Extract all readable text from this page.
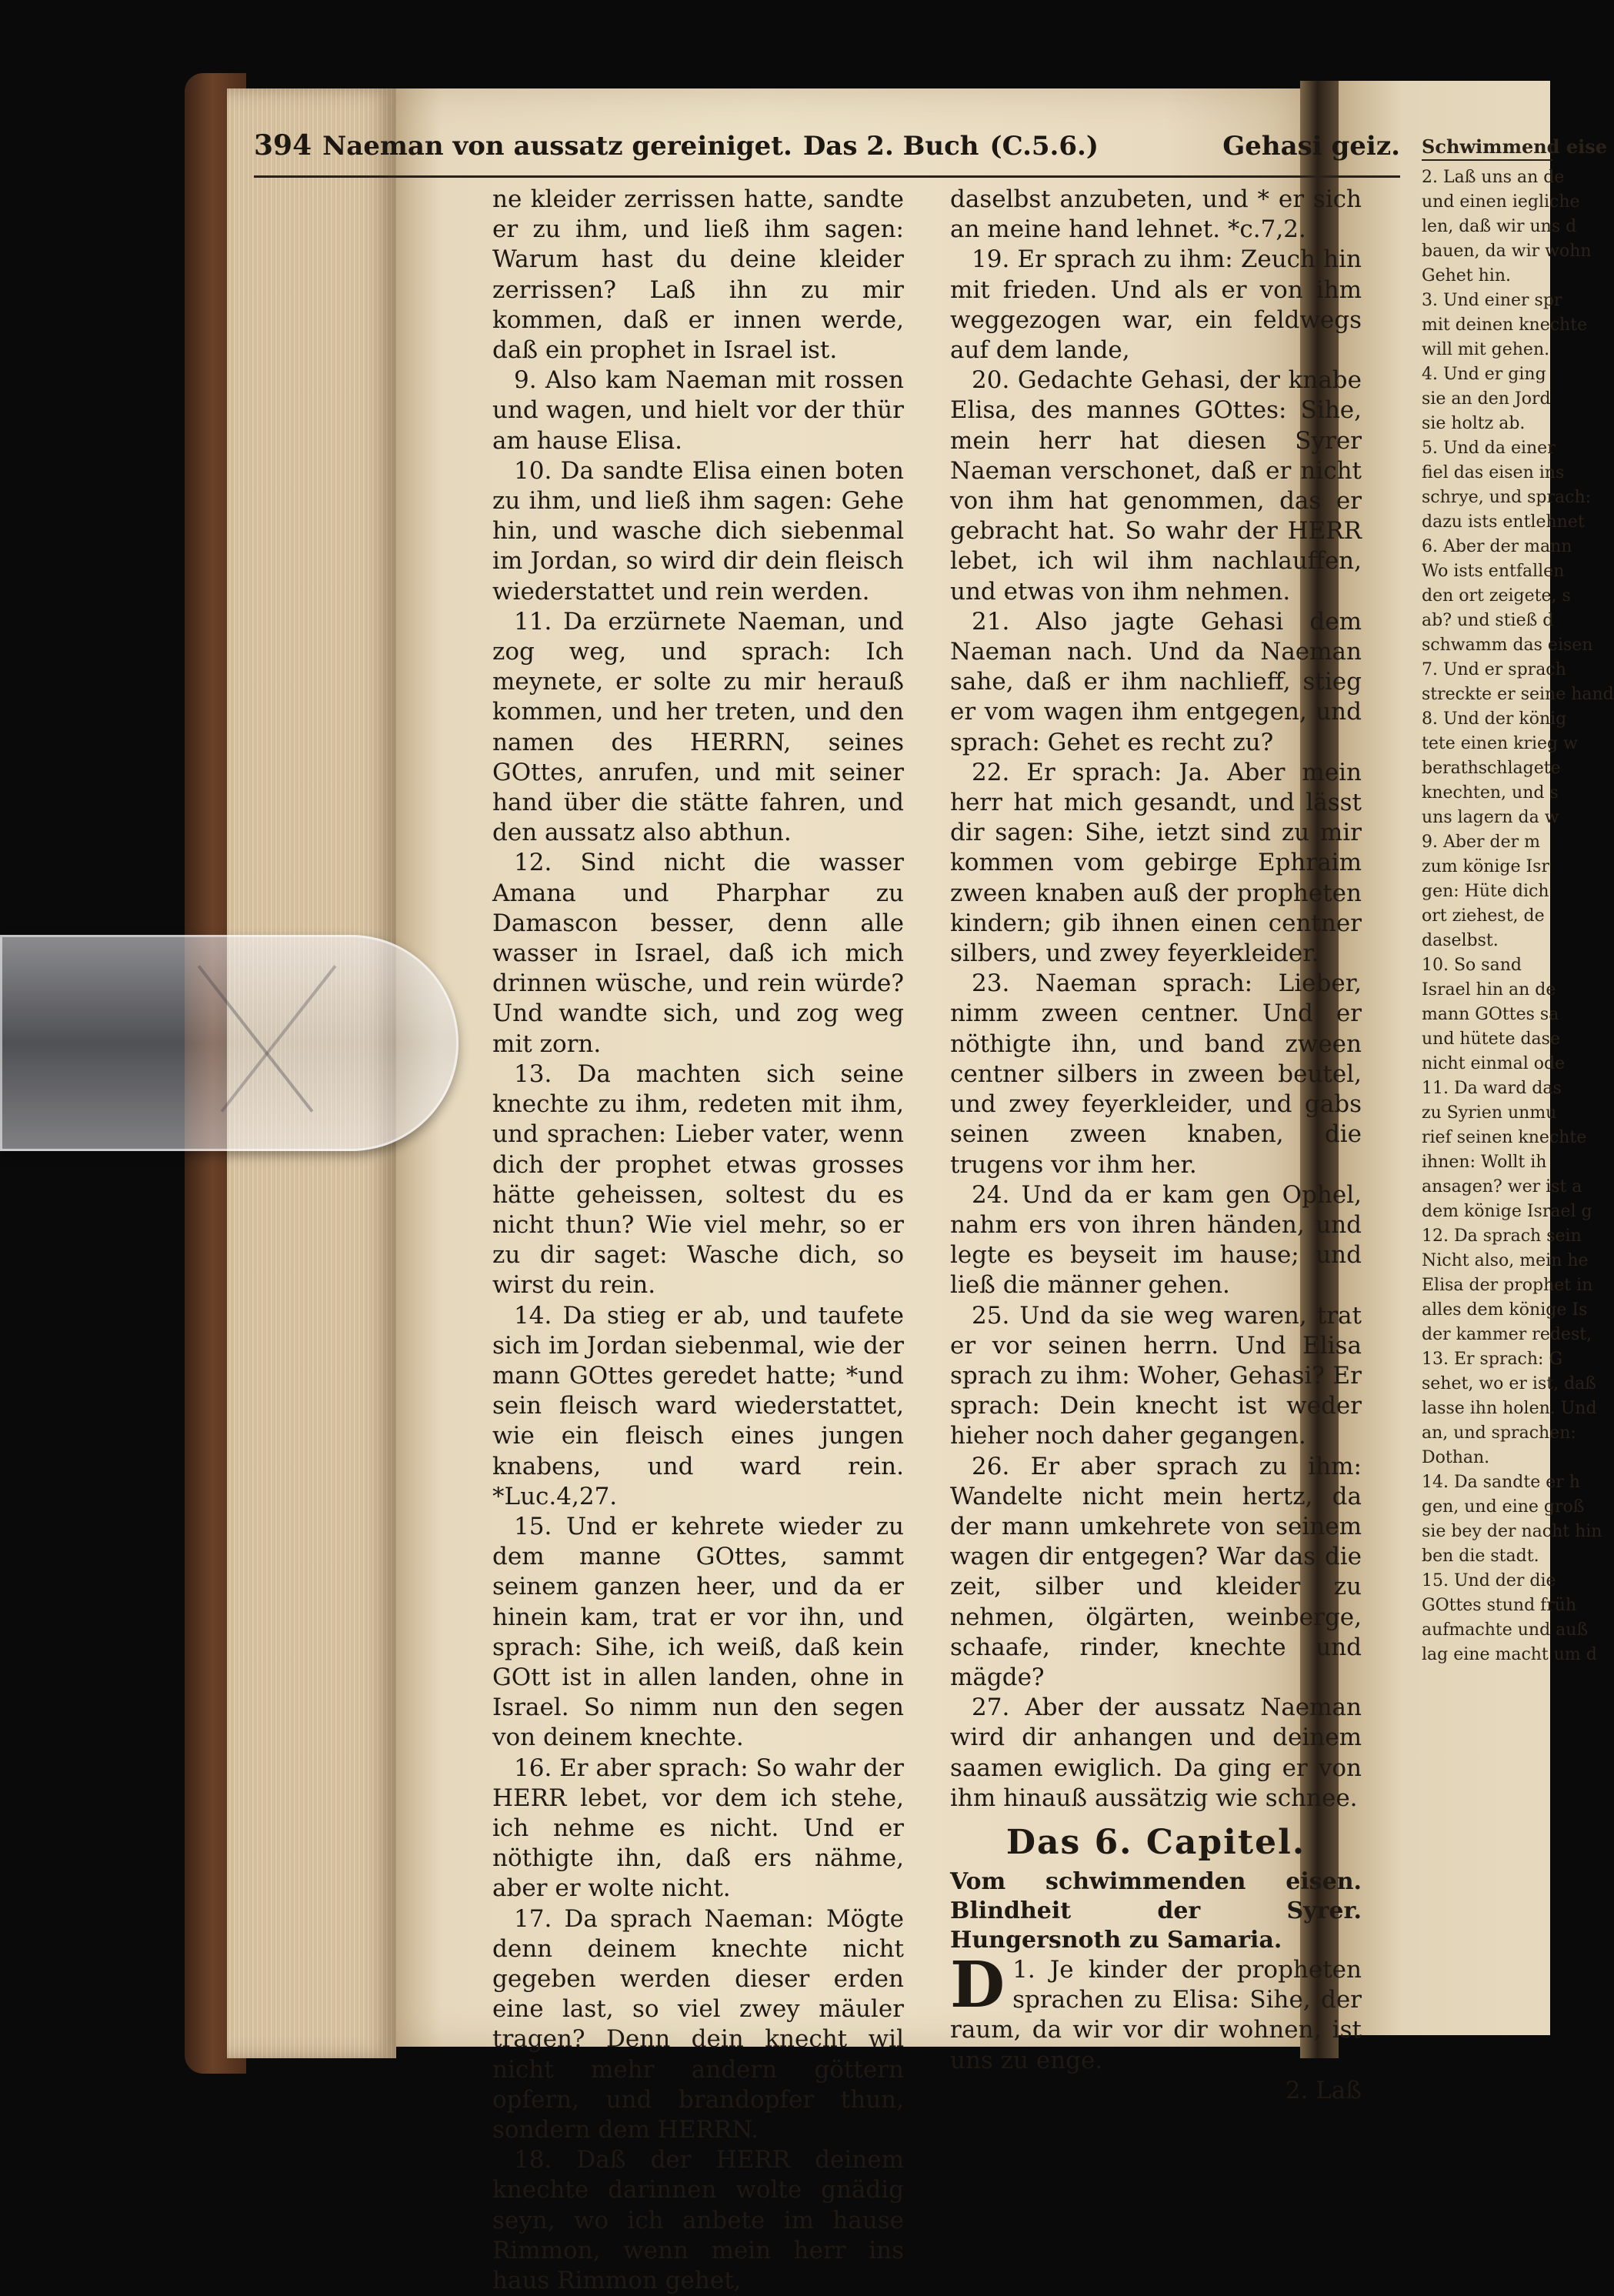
394 Naeman von aussatz gereiniget. Das 2. Buch (C.5.6.)	Gehasi geiz.

ne kleider zerrissen hatte, sandte er zu ihm, und ließ ihm sagen: Warum hast du deine kleider zerrissen? Laß ihn zu mir kommen, daß er innen werde, daß ein prophet in Israel ist.

9. Also kam Naeman mit rossen und wagen, und hielt vor der thür am hause Elisa.

10. Da sandte Elisa einen boten zu ihm, und ließ ihm sagen: Gehe hin, und wasche dich siebenmal im Jordan, so wird dir dein fleisch wiederstattet und rein werden.

11. Da erzürnete Naeman, und zog weg, und sprach: Ich meynete, er solte zu mir herauß kommen, und her treten, und den namen des HERRN, seines GOttes, anrufen, und mit seiner hand über die stätte fahren, und den aussatz also abthun.

12. Sind nicht die wasser Amana und Pharphar zu Damascon besser, denn alle wasser in Israel, daß ich mich drinnen wüsche, und rein würde? Und wandte sich, und zog weg mit zorn.

13. Da machten sich seine knechte zu ihm, redeten mit ihm, und sprachen: Lieber vater, wenn dich der prophet etwas grosses hätte geheissen, soltest du es nicht thun? Wie viel mehr, so er zu dir saget: Wasche dich, so wirst du rein.

14. Da stieg er ab, und taufete sich im Jordan siebenmal, wie der mann GOttes geredet hatte; *und sein fleisch ward wiederstattet, wie ein fleisch eines jungen knabens, und ward rein. *Luc.4,27.

15. Und er kehrete wieder zu dem manne GOttes, sammt seinem ganzen heer, und da er hinein kam, trat er vor ihn, und sprach: Sihe, ich weiß, daß kein GOtt ist in allen landen, ohne in Israel. So nimm nun den segen von deinem knechte.

16. Er aber sprach: So wahr der HERR lebet, vor dem ich stehe, ich nehme es nicht. Und er nöthigte ihn, daß ers nähme, aber er wolte nicht.

17. Da sprach Naeman: Mögte denn deinem knechte nicht gegeben werden dieser erden eine last, so viel zwey mäuler tragen? Denn dein knecht wil nicht mehr andern göttern opfern, und brandopfer thun, sondern dem HERRN.

18. Daß der HERR deinem knechte darinnen wolte gnädig seyn, wo ich anbete im hause Rimmon, wenn mein herr ins haus Rimmon gehet,

daselbst anzubeten, und * er sich an meine hand lehnet. *c.7,2.

19. Er sprach zu ihm: Zeuch hin mit frieden. Und als er von ihm weggezogen war, ein feldwegs auf dem lande,

20. Gedachte Gehasi, der knabe Elisa, des mannes GOttes: Sihe, mein herr hat diesen Syrer Naeman verschonet, daß er nicht von ihm hat genommen, das er gebracht hat. So wahr der HERR lebet, ich wil ihm nachlauffen, und etwas von ihm nehmen.

21. Also jagte Gehasi dem Naeman nach. Und da Naeman sahe, daß er ihm nachlieff, stieg er vom wagen ihm entgegen, und sprach: Gehet es recht zu?

22. Er sprach: Ja. Aber mein herr hat mich gesandt, und lässt dir sagen: Sihe, ietzt sind zu mir kommen vom gebirge Ephraim zween knaben auß der propheten kindern; gib ihnen einen centner silbers, und zwey feyerkleider.

23. Naeman sprach: Lieber, nimm zween centner. Und er nöthigte ihn, und band zween centner silbers in zween beutel, und zwey feyerkleider, und gabs seinen zween knaben, die trugens vor ihm her.

24. Und da er kam gen Ophel, nahm ers von ihren händen, und legte es beyseit im hause; und ließ die männer gehen.

25. Und da sie weg waren, trat er vor seinen herrn. Und Elisa sprach zu ihm: Woher, Gehasi? Er sprach: Dein knecht ist weder hieher noch daher gegangen.

26. Er aber sprach zu ihm: Wandelte nicht mein hertz, da der mann umkehrete von seinem wagen dir entgegen? War das die zeit, silber und kleider zu nehmen, ölgärten, weinberge, schaafe, rinder, knechte und mägde?

27. Aber der aussatz Naeman wird dir anhangen und deinem saamen ewiglich. Da ging er von ihm hinauß aussätzig wie schnee.

Das 6. Capitel.

Vom schwimmenden eisen. Blindheit der Syrer. Hungersnoth zu Samaria.

1.
D Je kinder der propheten sprachen zu Elisa: Sihe, der raum, da wir vor dir wohnen, ist uns zu enge.

2. Laß

Schwimmend eise

2. Laß uns an de

und einen iegliche

len, daß wir uns d

bauen, da wir wohn

Gehet hin.

3. Und einer spr

mit deinen knechte

will mit gehen.

4. Und er ging

sie an den Jord

sie holtz ab.

5. Und da einer

fiel das eisen ins

schrye, und sprach:

dazu ists entlehnet

6. Aber der mann

Wo ists entfallen

den ort zeigete, s

ab? und stieß d

schwamm das eisen

7. Und er sprach

streckte er seine hand

8. Und der könig

tete einen krieg w

berathschlagete

knechten, und s

uns lagern da w

9. Aber der m

zum könige Isr

gen: Hüte dich

ort ziehest, de

daselbst.

10. So sand

Israel hin an de

mann GOttes sa

und hütete dase

nicht einmal ode

11. Da ward das

zu Syrien unmu

rief seinen knechte

ihnen: Wollt ih

ansagen? wer ist a

dem könige Israel g

12. Da sprach sein

Nicht also, mein he

Elisa der prophet in

alles dem könige Is

der kammer redest,

13. Er sprach: G

sehet, wo er ist, daß

lasse ihn holen. Und

an, und sprachen:

Dothan.

14. Da sandte er h

gen, und eine groß

sie bey der nacht hin

ben die stadt.

15. Und der die

GOttes stund früh

aufmachte und auß

lag eine macht um d
